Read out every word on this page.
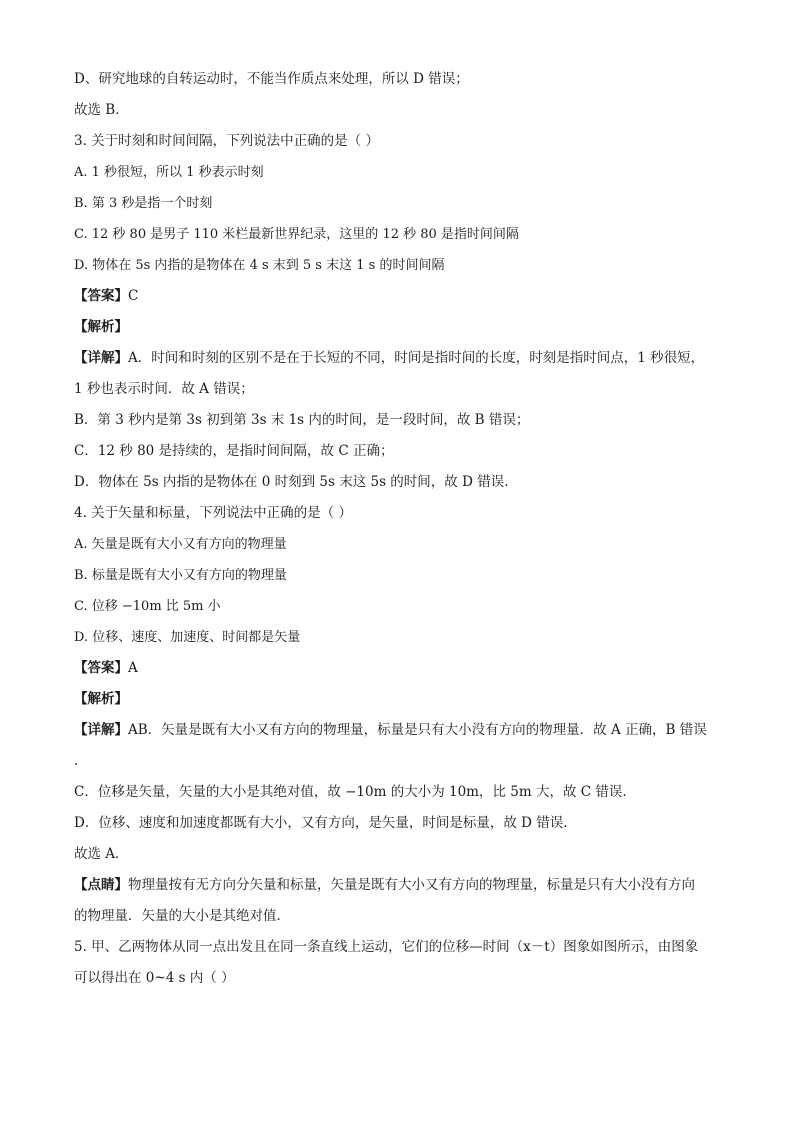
D、研究地球的自转运动时，不能当作质点来处理，所以 D 错误；
故选 B．
3. 关于时刻和时间间隔，下列说法中正确的是（ ）
A. 1 秒很短，所以 1 秒表示时刻
B. 第 3 秒是指一个时刻
C. 12 秒 80 是男子 110 米栏最新世界纪录，这里的 12 秒 80 是指时间间隔
D. 物体在 5s 内指的是物体在 4 s 末到 5 s 末这 1 s 的时间间隔
【答案】C
【解析】
【详解】A．时间和时刻的区别不是在于长短的不同，时间是指时间的长度，时刻是指时间点，1 秒很短，
1 秒也表示时间．故 A 错误；
B．第 3 秒内是第 3s 初到第 3s 末 1s 内的时间，是一段时间，故 B 错误；
C．12 秒 80 是持续的，是指时间间隔，故 C 正确；
D．物体在 5s 内指的是物体在 0 时刻到 5s 末这 5s 的时间，故 D 错误.
4. 关于矢量和标量，下列说法中正确的是（ ）
A. 矢量是既有大小又有方向的物理量
B. 标量是既有大小又有方向的物理量
C. 位移 −10m 比 5m 小
D. 位移、速度、加速度、时间都是矢量
【答案】A
【解析】
【详解】AB．矢量是既有大小又有方向的物理量，标量是只有大小没有方向的物理量．故 A 正确，B 错误
.
C．位移是矢量，矢量的大小是其绝对值，故 −10m 的大小为 10m，比 5m 大，故 C 错误.
D．位移、速度和加速度都既有大小，又有方向，是矢量，时间是标量，故 D 错误.
故选 A．
【点睛】物理量按有无方向分矢量和标量，矢量是既有大小又有方向的物理量，标量是只有大小没有方向
的物理量．矢量的大小是其绝对值．
5. 甲、乙两物体从同一点出发且在同一条直线上运动，它们的位移—时间（x－t）图象如图所示，由图象
可以得出在 0~4 s 内（ ）
